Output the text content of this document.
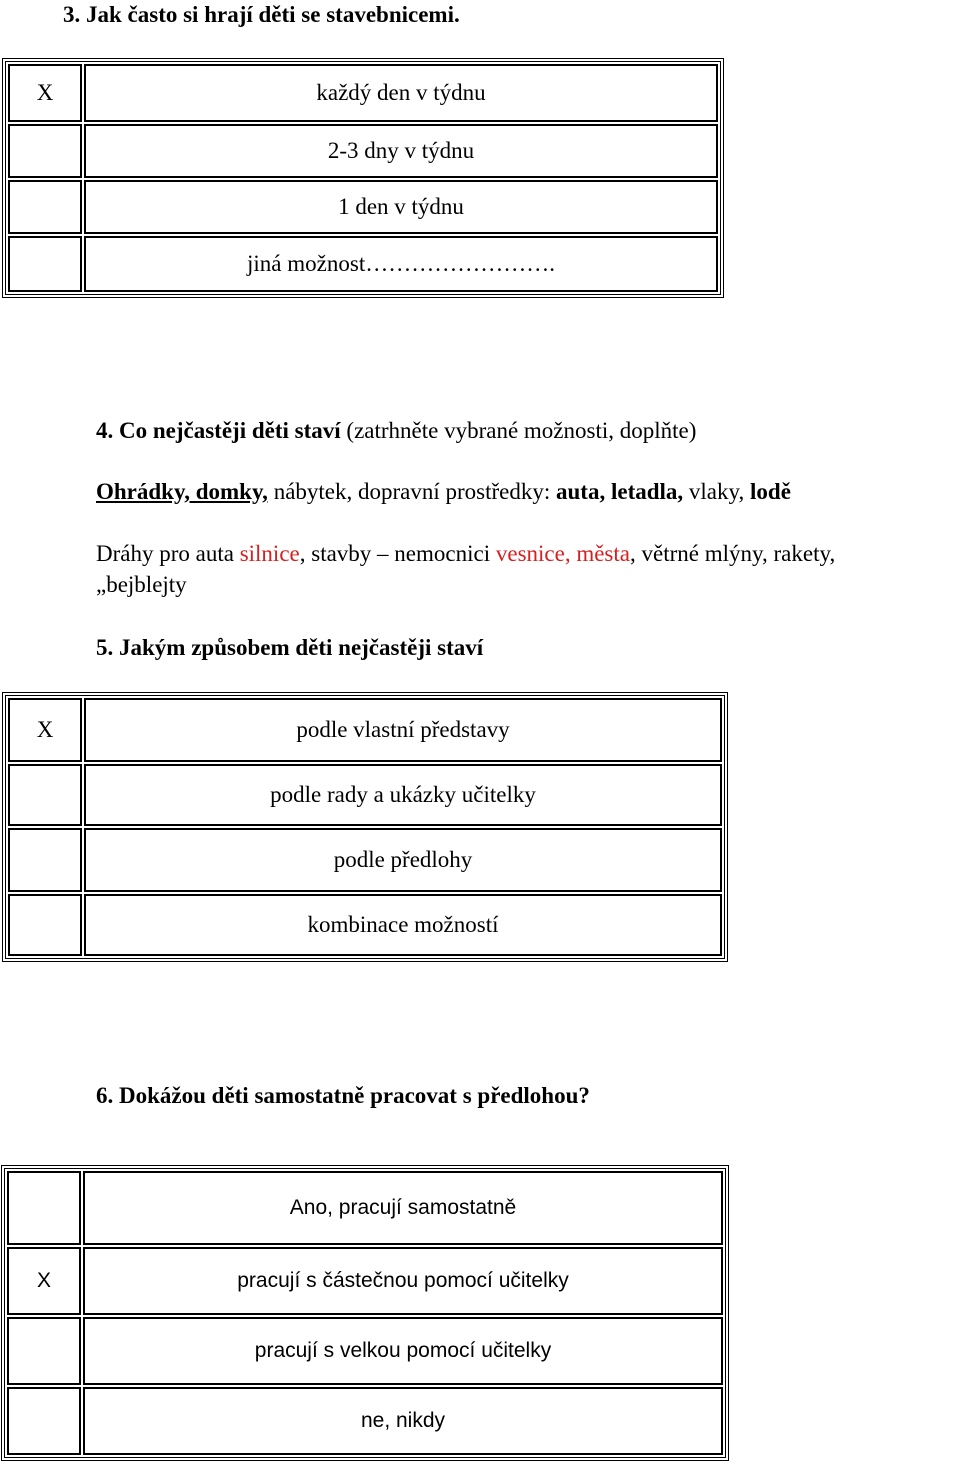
3. Jak často si hrají děti se stavebnicemi.
X	každý den v týdnu
	2-3 dny v týdnu
	1 den v týdnu
	jiná možnost…………………….
4. Co nejčastěji děti staví (zatrhněte vybrané možnosti, doplňte)
Ohrádky, domky, nábytek, dopravní prostředky: auta, letadla, vlaky, lodě
Dráhy pro auta silnice, stavby – nemocnici vesnice, města, větrné mlýny, rakety,
„bejblejty
5. Jakým způsobem děti nejčastěji staví
X	podle vlastní představy
	podle rady a ukázky učitelky
	podle předlohy
	kombinace možností
6. Dokážou děti samostatně pracovat s předlohou?
	Ano, pracují samostatně
X	pracují s částečnou pomocí učitelky
	pracují s velkou pomocí učitelky
	ne, nikdy
